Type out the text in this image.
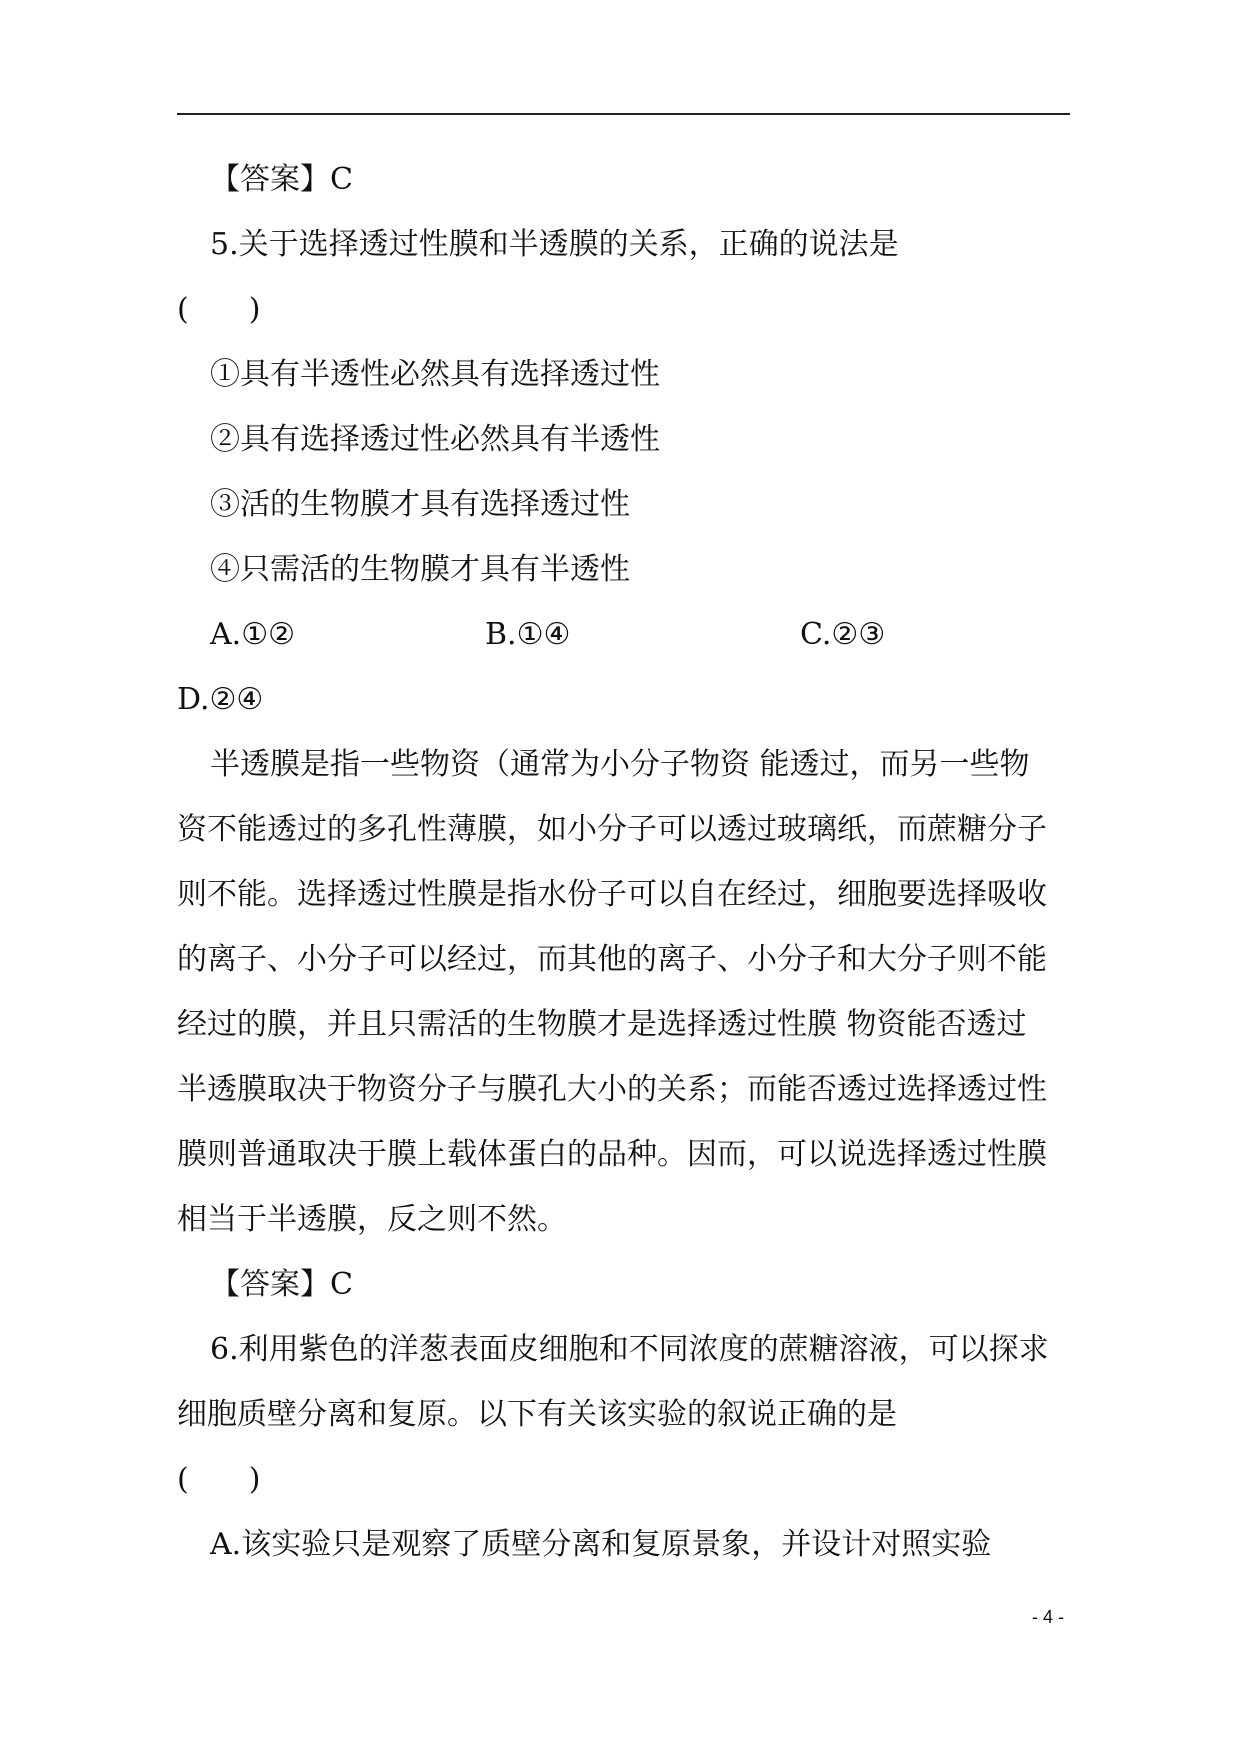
【答案】C
5.关于选择透过性膜和半透膜的关系，正确的说法是
(　　)
①具有半透性必然具有选择透过性
②具有选择透过性必然具有半透性
③活的生物膜才具有选择透过性
④只需活的生物膜才具有半透性
A.①②	B.①④	C.②③
D.②④
半透膜是指一些物资（通常为小分子物资 能透过，而另一些物
资不能透过的多孔性薄膜，如小分子可以透过玻璃纸，而蔗糖分子
则不能。选择透过性膜是指水份子可以自在经过，细胞要选择吸收
的离子、小分子可以经过，而其他的离子、小分子和大分子则不能
经过的膜，并且只需活的生物膜才是选择透过性膜 物资能否透过
半透膜取决于物资分子与膜孔大小的关系；而能否透过选择透过性
膜则普通取决于膜上载体蛋白的品种。因而，可以说选择透过性膜
相当于半透膜，反之则不然。
【答案】C
6.利用紫色的洋葱表面皮细胞和不同浓度的蔗糖溶液，可以探求
细胞质壁分离和复原。以下有关该实验的叙说正确的是
(　　)
A.该实验只是观察了质壁分离和复原景象，并设计对照实验
- 4 -
